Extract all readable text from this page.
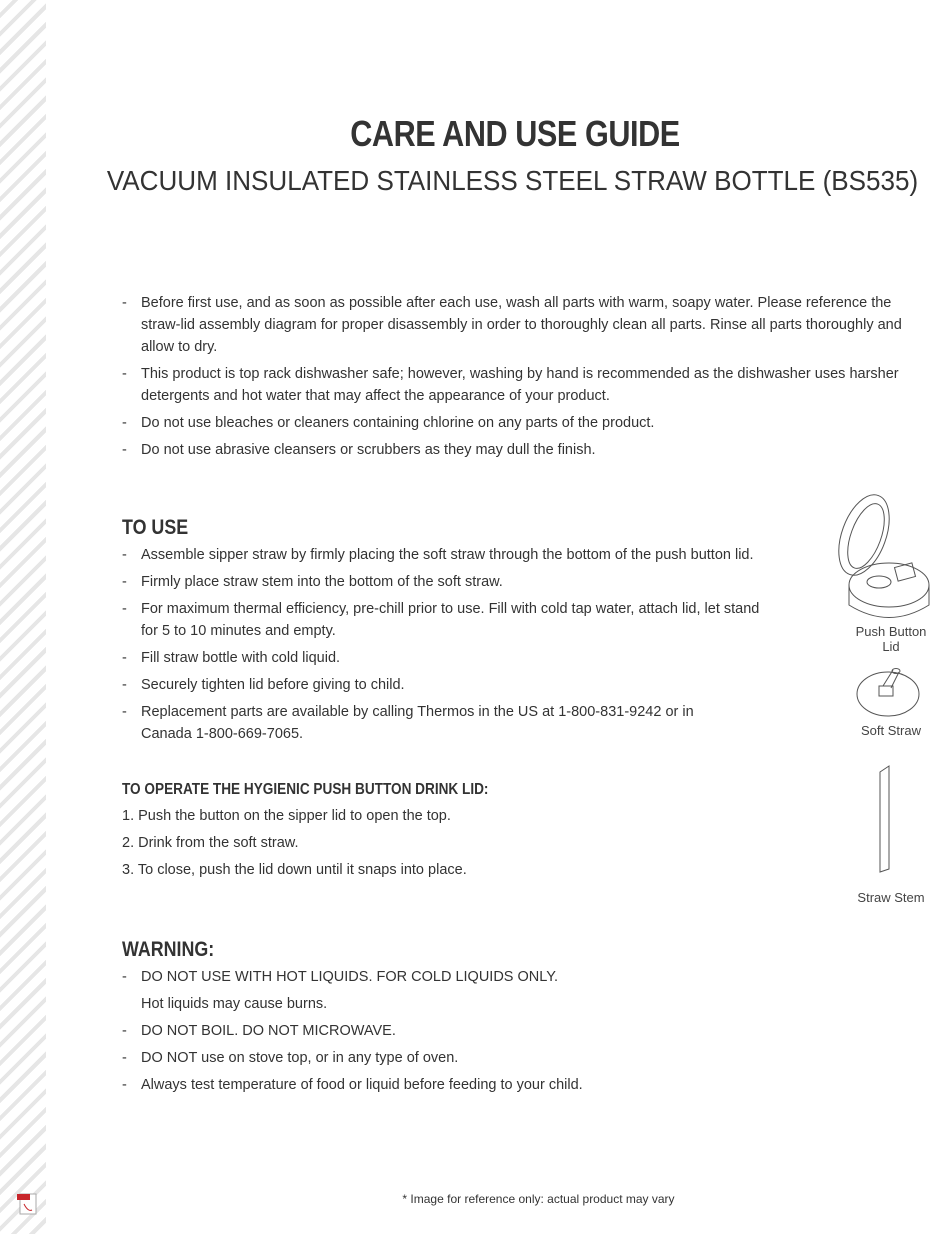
CARE AND USE GUIDE
VACUUM INSULATED STAINLESS STEEL STRAW BOTTLE (BS535)
- Before first use, and as soon as possible after each use, wash all parts with warm, soapy water. Please reference the straw-lid assembly diagram for proper disassembly in order to thoroughly clean all parts. Rinse all parts thoroughly and allow to dry.
- This product is top rack dishwasher safe; however, washing by hand is recommended as the dishwasher uses harsher detergents and hot water that may affect the appearance of your product.
- Do not use bleaches or cleaners containing chlorine on any parts of the product.
- Do not use abrasive cleansers or scrubbers as they may dull the finish.
TO USE
- Assemble sipper straw by firmly placing the soft straw through the bottom of the push button lid.
- Firmly place straw stem into the bottom of the soft straw.
- For maximum thermal efficiency, pre-chill prior to use. Fill with cold tap water, attach lid, let stand for 5 to 10 minutes and empty.
- Fill straw bottle with cold liquid.
- Securely tighten lid before giving to child.
- Replacement parts are available by calling Thermos in the US at 1-800-831-9242 or in Canada 1-800-669-7065.
TO OPERATE THE HYGIENIC PUSH BUTTON DRINK LID:
1. Push the button on the sipper lid to open the top.
2. Drink from the soft straw.
3. To close, push the lid down until it snaps into place.
WARNING:
- DO NOT USE WITH HOT LIQUIDS. FOR COLD LIQUIDS ONLY.
Hot liquids may cause burns.
- DO NOT BOIL. DO NOT MICROWAVE.
- DO NOT use on stove top, or in any type of oven.
- Always test temperature of food or liquid before feeding to your child.
Push Button Lid
Soft Straw
Straw Stem
* Image for reference only: actual product may vary
